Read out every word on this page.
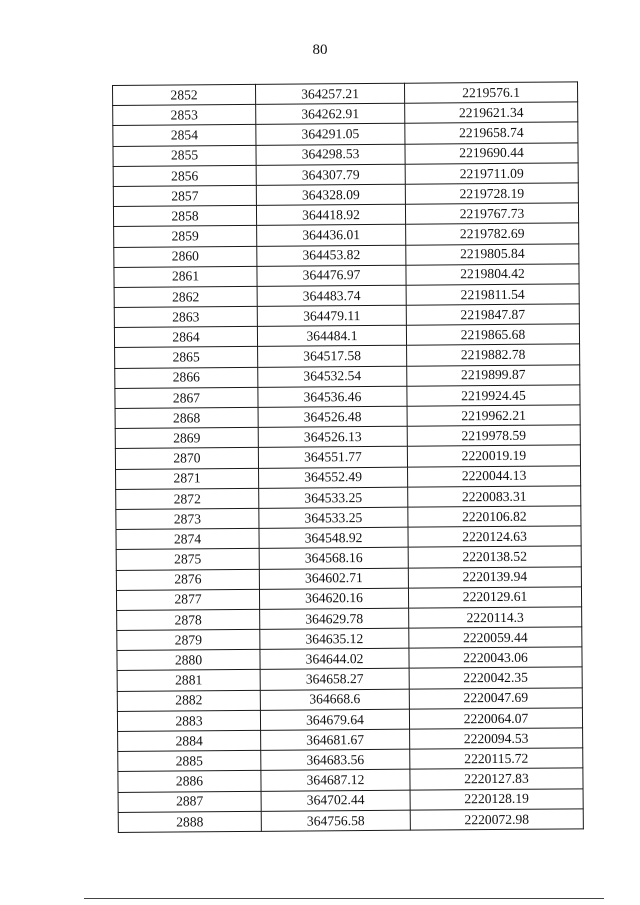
80
2852	364257.21	2219576.1
2853	364262.91	2219621.34
2854	364291.05	2219658.74
2855	364298.53	2219690.44
2856	364307.79	2219711.09
2857	364328.09	2219728.19
2858	364418.92	2219767.73
2859	364436.01	2219782.69
2860	364453.82	2219805.84
2861	364476.97	2219804.42
2862	364483.74	2219811.54
2863	364479.11	2219847.87
2864	364484.1	2219865.68
2865	364517.58	2219882.78
2866	364532.54	2219899.87
2867	364536.46	2219924.45
2868	364526.48	2219962.21
2869	364526.13	2219978.59
2870	364551.77	2220019.19
2871	364552.49	2220044.13
2872	364533.25	2220083.31
2873	364533.25	2220106.82
2874	364548.92	2220124.63
2875	364568.16	2220138.52
2876	364602.71	2220139.94
2877	364620.16	2220129.61
2878	364629.78	2220114.3
2879	364635.12	2220059.44
2880	364644.02	2220043.06
2881	364658.27	2220042.35
2882	364668.6	2220047.69
2883	364679.64	2220064.07
2884	364681.67	2220094.53
2885	364683.56	2220115.72
2886	364687.12	2220127.83
2887	364702.44	2220128.19
2888	364756.58	2220072.98
